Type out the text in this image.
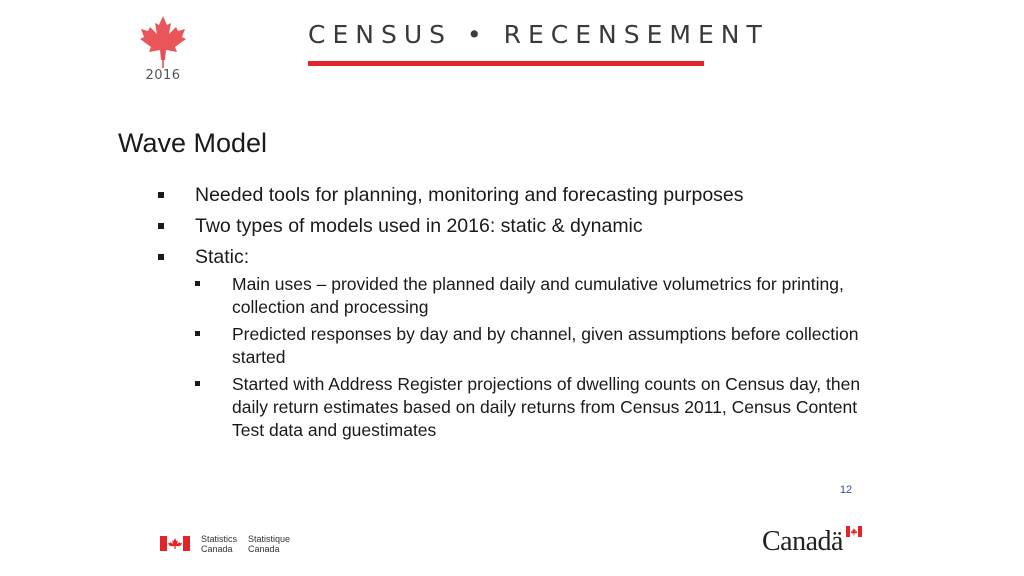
2016
CENSUS • RECENSEMENT
Wave Model
Needed tools for planning, monitoring and forecasting purposes
Two types of models used in 2016: static & dynamic
Static:
Main uses – provided the planned daily and cumulative volumetrics for printing, collection and processing
Predicted responses by day and by channel, given assumptions before collection started
Started with Address Register projections of dwelling counts on Census day, then daily return estimates based on daily returns from Census 2011, Census Content Test data and guestimates
12
Statistics
Canada
Statistique
Canada	Canadä
